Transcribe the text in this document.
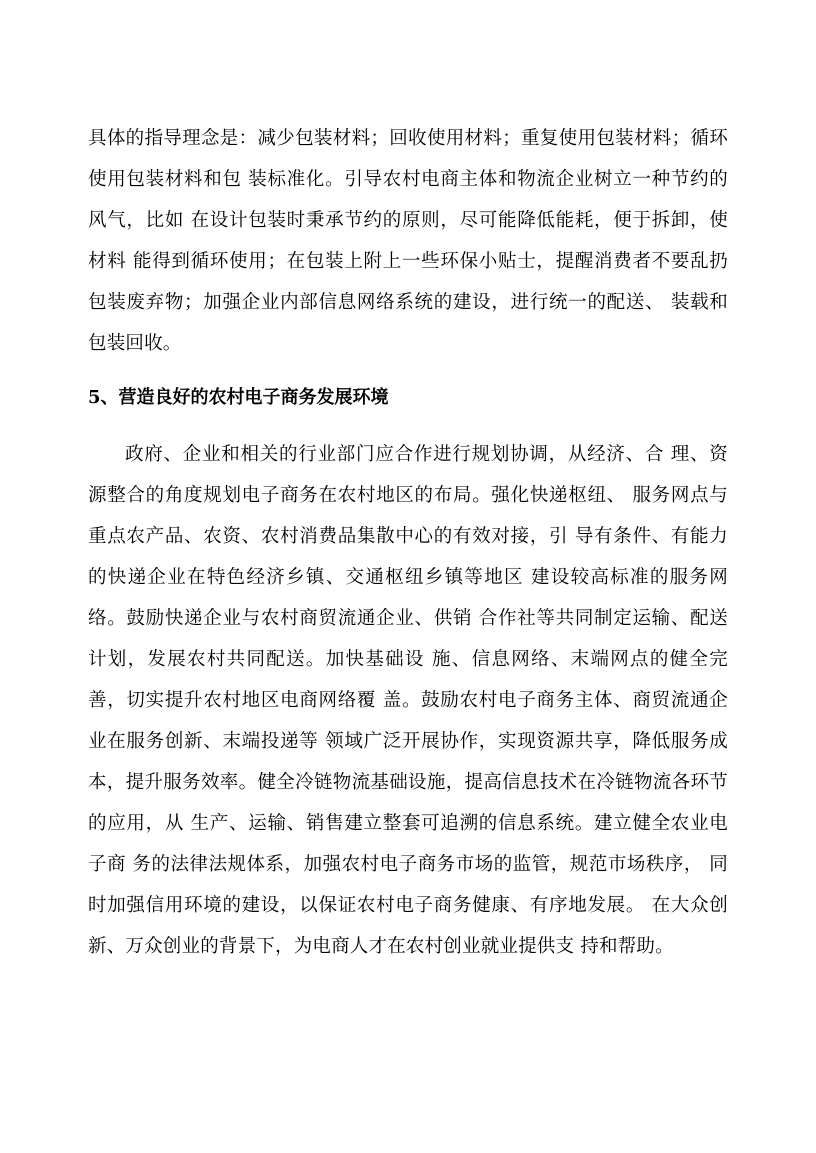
具体的指导理念是：减少包装材料；回收使用材料；重复使用包装材料；循环使用包装材料和包 装标准化。引导农村电商主体和物流企业树立一种节约的风气，比如 在设计包装时秉承节约的原则，尽可能降低能耗，便于拆卸，使材料 能得到循环使用；在包装上附上一些环保小贴士，提醒消费者不要乱扔包装废弃物；加强企业内部信息网络系统的建设，进行统一的配送、 装载和包装回收。

5、营造良好的农村电子商务发展环境

政府、企业和相关的行业部门应合作进行规划协调，从经济、合 理、资源整合的角度规划电子商务在农村地区的布局。强化快递枢纽、 服务网点与重点农产品、农资、农村消费品集散中心的有效对接，引 导有条件、有能力的快递企业在特色经济乡镇、交通枢纽乡镇等地区 建设较高标准的服务网络。鼓励快递企业与农村商贸流通企业、供销 合作社等共同制定运输、配送计划，发展农村共同配送。加快基础设 施、信息网络、末端网点的健全完善，切实提升农村地区电商网络覆 盖。鼓励农村电子商务主体、商贸流通企业在服务创新、末端投递等 领域广泛开展协作，实现资源共享，降低服务成本，提升服务效率。健全冷链物流基础设施，提高信息技术在冷链物流各环节的应用，从 生产、运输、销售建立整套可追溯的信息系统。建立健全农业电子商 务的法律法规体系，加强农村电子商务市场的监管，规范市场秩序， 同时加强信用环境的建设，以保证农村电子商务健康、有序地发展。 在大众创新、万众创业的背景下，为电商人才在农村创业就业提供支 持和帮助。
